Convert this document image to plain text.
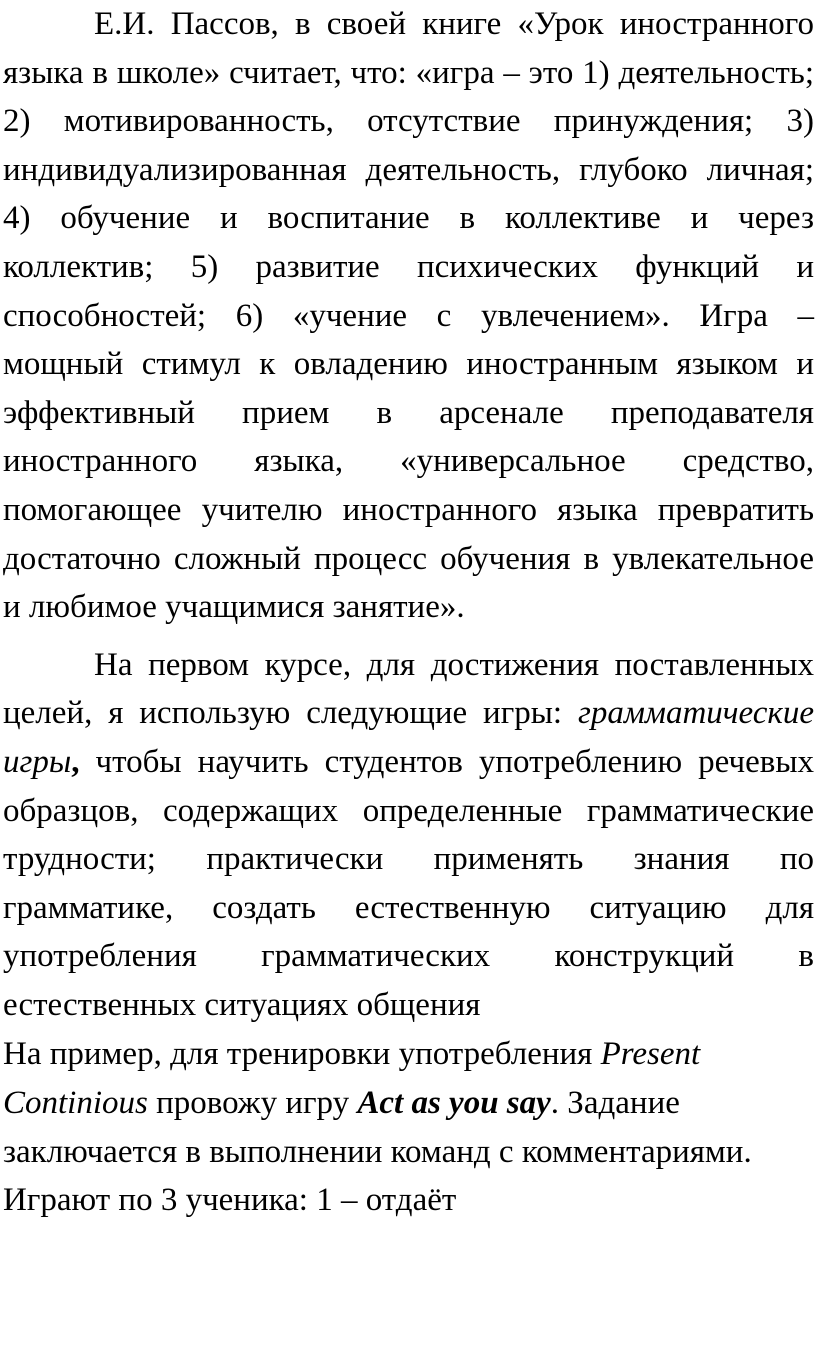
Е.И. Пассов, в своей книге «Урок иностранного языка в школе» считает, что: «игра – это 1) деятельность; 2) мотивированность, отсутствие принуждения; 3) индивидуализированная деятельность, глубоко личная; 4) обучение и воспитание в коллективе и через коллектив; 5) развитие психических функций и способностей; 6) «учение с увлечением». Игра – мощный стимул к овладению иностранным языком и эффективный прием в арсенале преподавателя иностранного языка, «универсальное средство, помогающее учителю иностранного языка превратить достаточно сложный процесс обучения в увлекательное и любимое учащимися занятие».

На первом курсе, для достижения поставленных целей, я использую следующие игры: грамматические игры, чтобы научить студентов употреблению речевых образцов, содержащих определенные грамматические трудности; практически применять знания по грамматике, создать естественную ситуацию для употребления грамматических конструкций в естественных ситуациях общения

На пример, для тренировки употребления Present Continious провожу игру Act as you say. Задание заключается в выполнении команд с комментариями. Играют по 3 ученика: 1 – отдаёт
